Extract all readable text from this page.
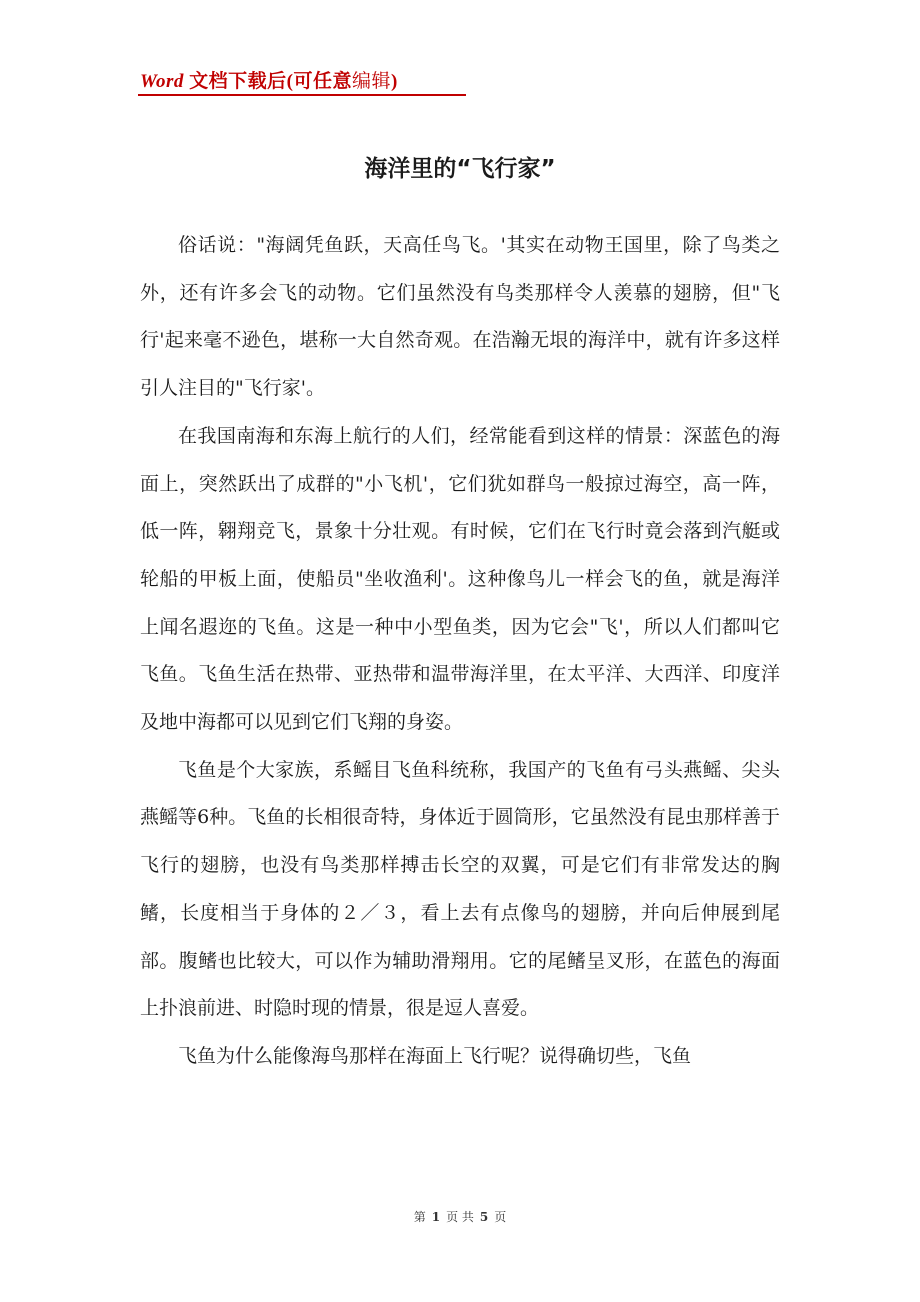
Word 文档下载后(可任意编辑)
海洋里的“飞行家”

俗话说："海阔凭鱼跃，天高任鸟飞。'其实在动物王国里，除了鸟类之外，还有许多会飞的动物。它们虽然没有鸟类那样令人羡慕的翅膀，但"飞行'起来毫不逊色，堪称一大自然奇观。在浩瀚无垠的海洋中，就有许多这样引人注目的"飞行家'。

在我国南海和东海上航行的人们，经常能看到这样的情景：深蓝色的海面上，突然跃出了成群的"小飞机'，它们犹如群鸟一般掠过海空，高一阵，低一阵，翱翔竞飞，景象十分壮观。有时候，它们在飞行时竟会落到汽艇或轮船的甲板上面，使船员"坐收渔利'。这种像鸟儿一样会飞的鱼，就是海洋上闻名遐迩的飞鱼。这是一种中小型鱼类，因为它会"飞'，所以人们都叫它飞鱼。飞鱼生活在热带、亚热带和温带海洋里，在太平洋、大西洋、印度洋及地中海都可以见到它们飞翔的身姿。

飞鱼是个大家族，系鳐目飞鱼科统称，我国产的飞鱼有弓头燕鳐、尖头燕鳐等6种。飞鱼的长相很奇特，身体近于圆筒形，它虽然没有昆虫那样善于飞行的翅膀，也没有鸟类那样搏击长空的双翼，可是它们有非常发达的胸鳍，长度相当于身体的２／３，看上去有点像鸟的翅膀，并向后伸展到尾部。腹鳍也比较大，可以作为辅助滑翔用。它的尾鳍呈叉形，在蓝色的海面上扑浪前进、时隐时现的情景，很是逗人喜爱。

飞鱼为什么能像海鸟那样在海面上飞行呢？说得确切些，飞鱼

第 1 页 共 5 页
